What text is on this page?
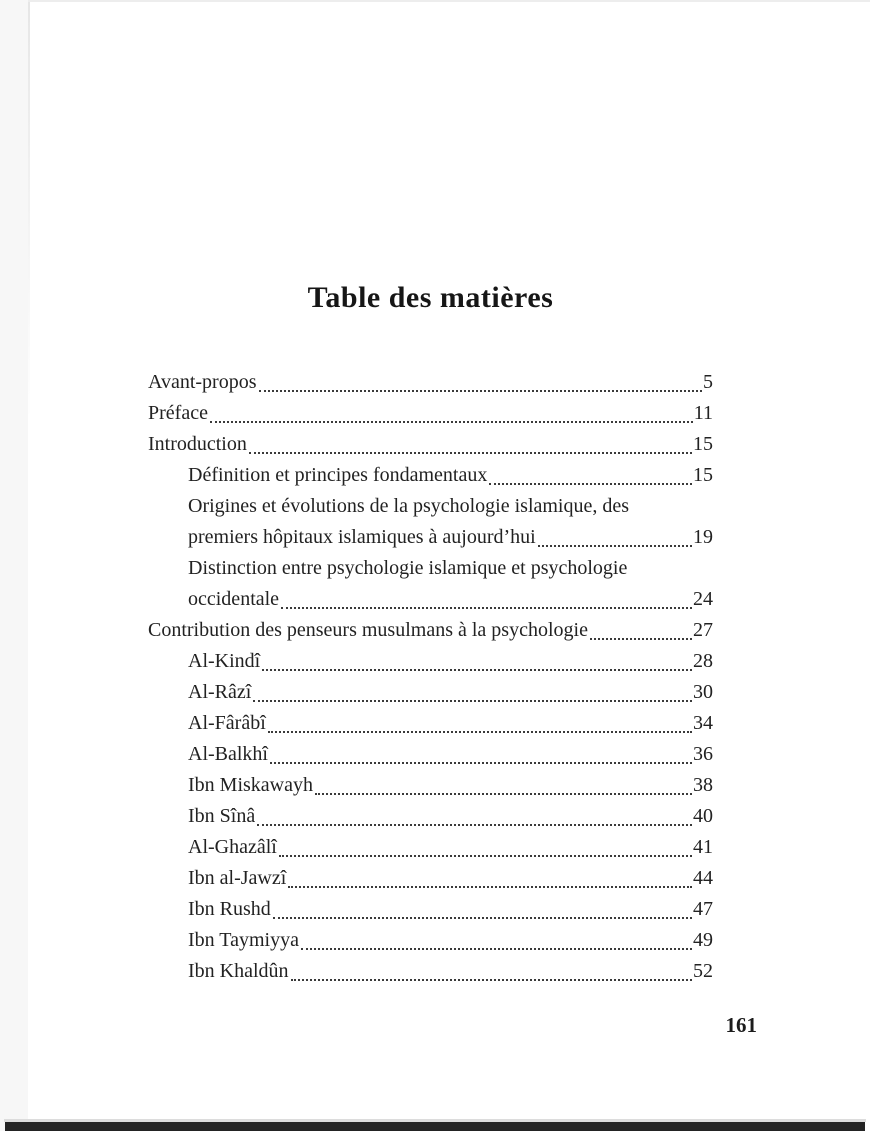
Table des matières
Avant-propos	5
Préface	11
Introduction	15
Définition et principes fondamentaux	15
Origines et évolutions de la psychologie islamique, des
premiers hôpitaux islamiques à aujourd’hui	19
Distinction entre psychologie islamique et psychologie
occidentale	24
Contribution des penseurs musulmans à la psychologie	27
Al-Kindî	28
Al-Râzî	30
Al-Fârâbî	34
Al-Balkhî	36
Ibn Miskawayh	38
Ibn Sînâ	40
Al-Ghazâlî	41
Ibn al-Jawzî	44
Ibn Rushd	47
Ibn Taymiyya	49
Ibn Khaldûn	52
161
